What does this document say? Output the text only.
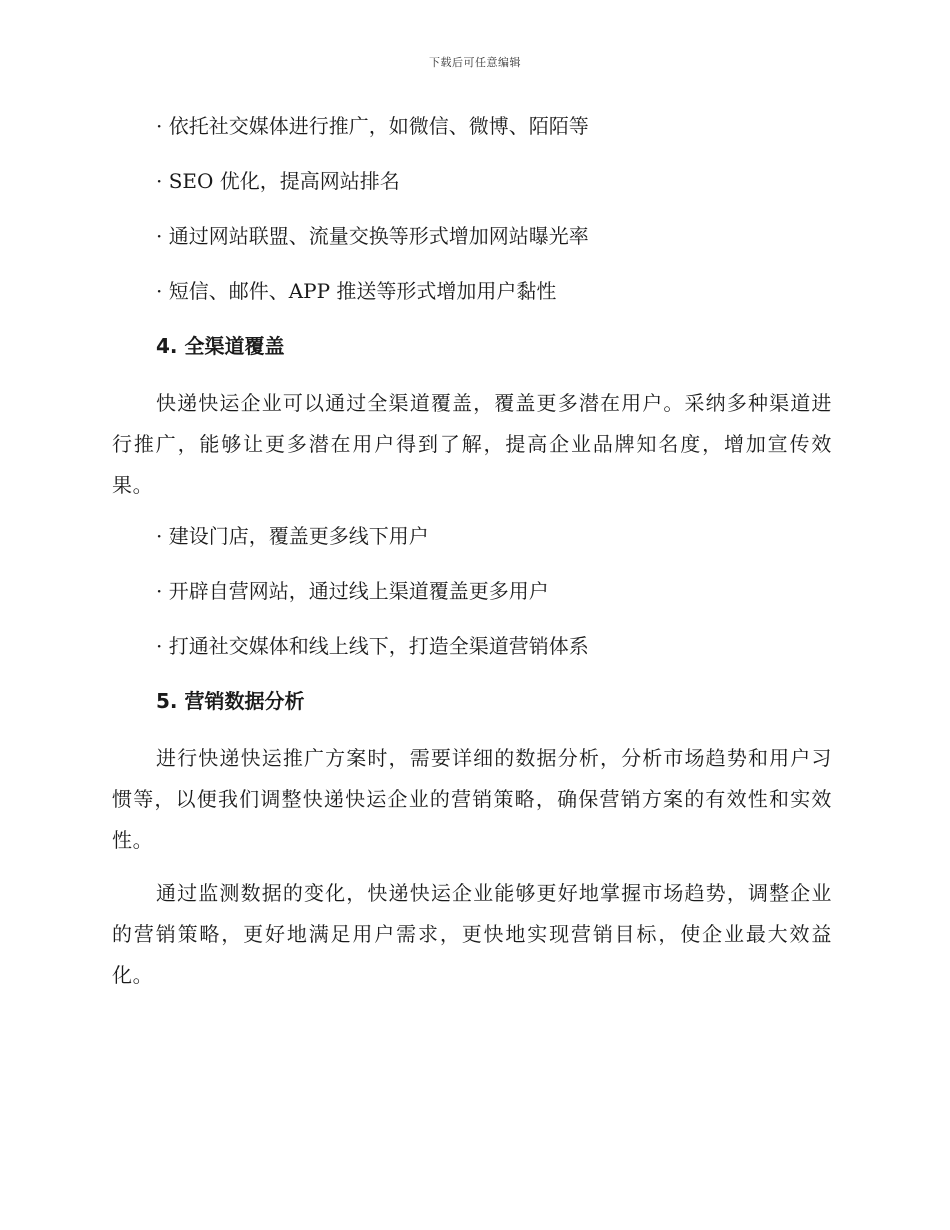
下载后可任意编辑
· 依托社交媒体进行推广，如微信、微博、陌陌等
· SEO 优化，提高网站排名
· 通过网站联盟、流量交换等形式增加网站曝光率
· 短信、邮件、APP 推送等形式增加用户黏性
4. 全渠道覆盖
快递快运企业可以通过全渠道覆盖，覆盖更多潜在用户。采纳多种渠道进行推广，能够让更多潜在用户得到了解，提高企业品牌知名度，增加宣传效果。
· 建设门店，覆盖更多线下用户
· 开辟自营网站，通过线上渠道覆盖更多用户
· 打通社交媒体和线上线下，打造全渠道营销体系
5. 营销数据分析
进行快递快运推广方案时，需要详细的数据分析，分析市场趋势和用户习惯等，以便我们调整快递快运企业的营销策略，确保营销方案的有效性和实效性。
通过监测数据的变化，快递快运企业能够更好地掌握市场趋势，调整企业的营销策略，更好地满足用户需求，更快地实现营销目标，使企业最大效益化。
